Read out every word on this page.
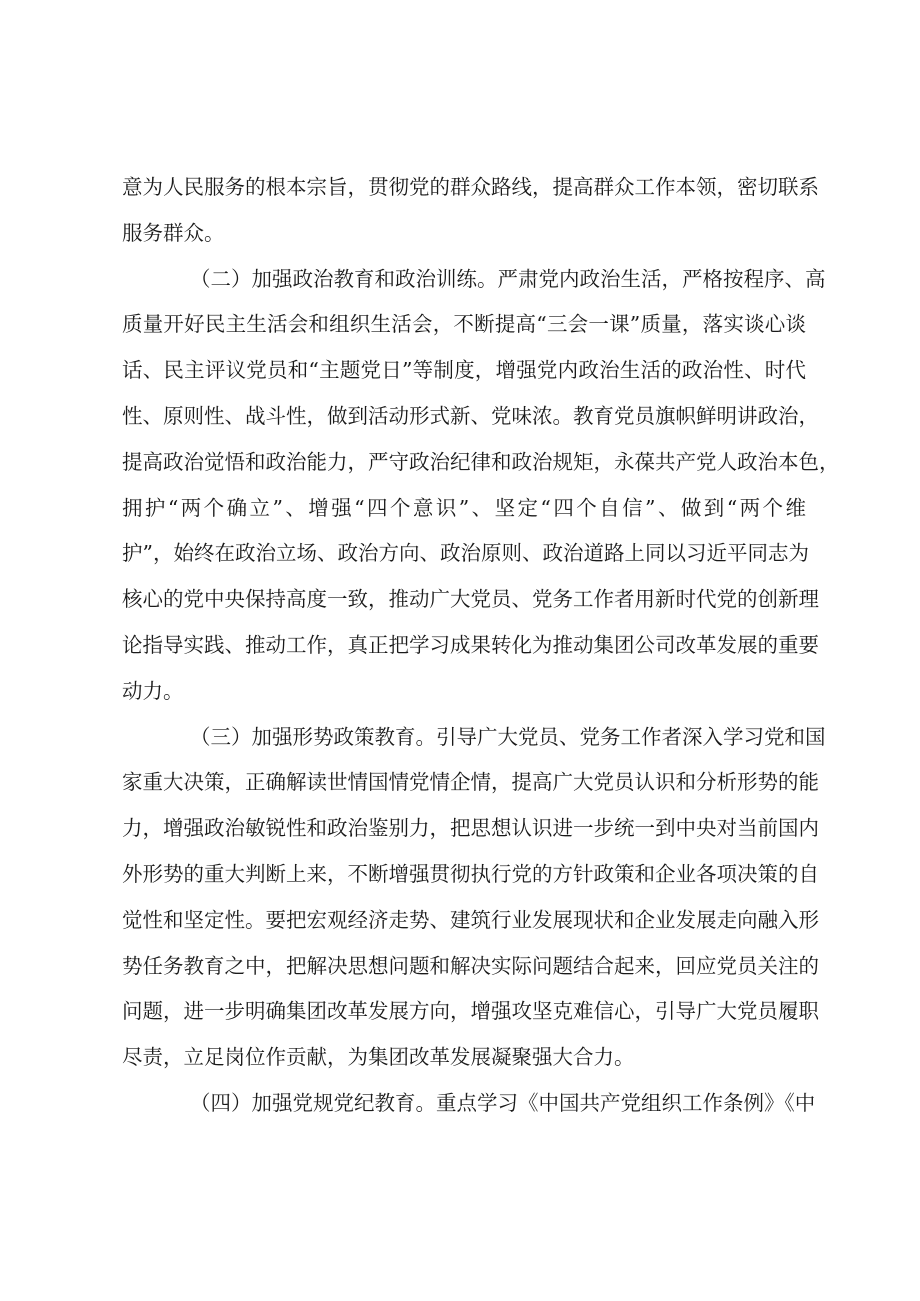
意为人民服务的根本宗旨，贯彻党的群众路线，提高群众工作本领，密切联系
服务群众。
（二）加强政治教育和政治训练。严肃党内政治生活，严格按程序、高
质量开好民主生活会和组织生活会，不断提高“三会一课”质量，落实谈心谈
话、民主评议党员和“主题党日”等制度，增强党内政治生活的政治性、时代
性、原则性、战斗性，做到活动形式新、党味浓。教育党员旗帜鲜明讲政治，
提高政治觉悟和政治能力，严守政治纪律和政治规矩，永葆共产党人政治本色，
拥护“两个确立”、增强“四个意识”、坚定“四个自信”、做到“两个维
护”，始终在政治立场、政治方向、政治原则、政治道路上同以习近平同志为
核心的党中央保持高度一致，推动广大党员、党务工作者用新时代党的创新理
论指导实践、推动工作，真正把学习成果转化为推动集团公司改革发展的重要
动力。
（三）加强形势政策教育。引导广大党员、党务工作者深入学习党和国
家重大决策，正确解读世情国情党情企情，提高广大党员认识和分析形势的能
力，增强政治敏锐性和政治鉴别力，把思想认识进一步统一到中央对当前国内
外形势的重大判断上来，不断增强贯彻执行党的方针政策和企业各项决策的自
觉性和坚定性。要把宏观经济走势、建筑行业发展现状和企业发展走向融入形
势任务教育之中，把解决思想问题和解决实际问题结合起来，回应党员关注的
问题，进一步明确集团改革发展方向，增强攻坚克难信心，引导广大党员履职
尽责，立足岗位作贡献，为集团改革发展凝聚强大合力。
（四）加强党规党纪教育。重点学习《中国共产党组织工作条例》《中
